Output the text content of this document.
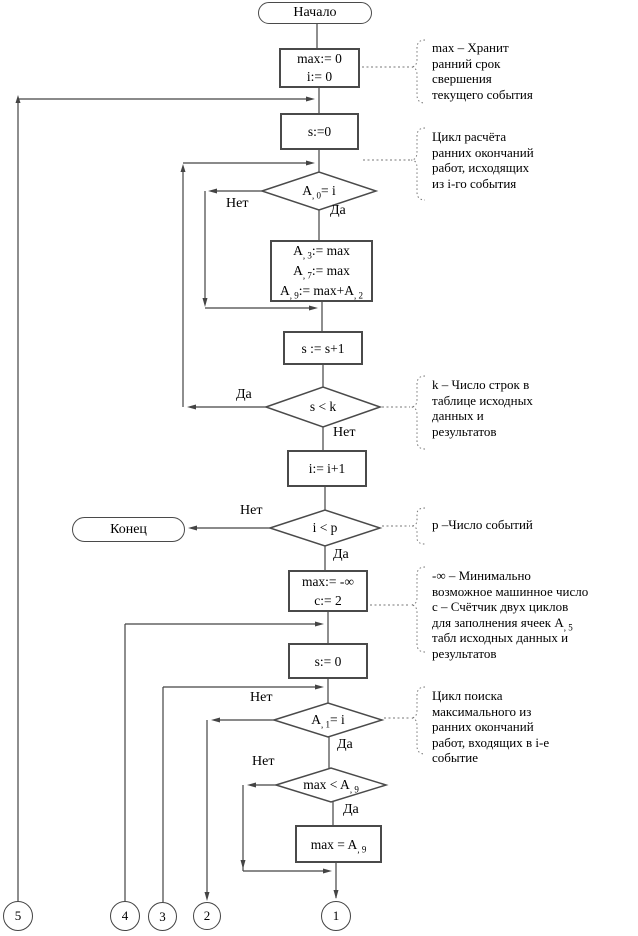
Начало
Конец
max:= 0
i:= 0
s:=0
$A_{, 3}:= \max$
$A_{, 7}:= \max$
$A_{, 9}:= \max+A_{, 2}$
s := s+1
i:= i+1
max:= -∞
c:= 2
s:= 0
$\max = A_{, 9}$
$A_{, 0}= i$
s < k
i < p
$A_{, 1}= i$
$\max < A_{, 9}$
Нет	Да
Да
Нет
Нет
Да
Нет
Да
Нет
Да
5	4 3	2	1
max – Хранит
ранний срок
свершения
текущего события
Цикл расчёта
ранних окончаний
работ, исходящих
из i-го события
k – Число строк в
таблице исходных
данных и
результатов
p –Число событий
-∞ – Минимально
возможное машинное число
с – Счётчик двух циклов
для заполнения ячеек $A_{, 5}$
табл исходных данных и
результатов
Цикл поиска
максимального из
ранних окончаний
работ, входящих в i-е
событие
